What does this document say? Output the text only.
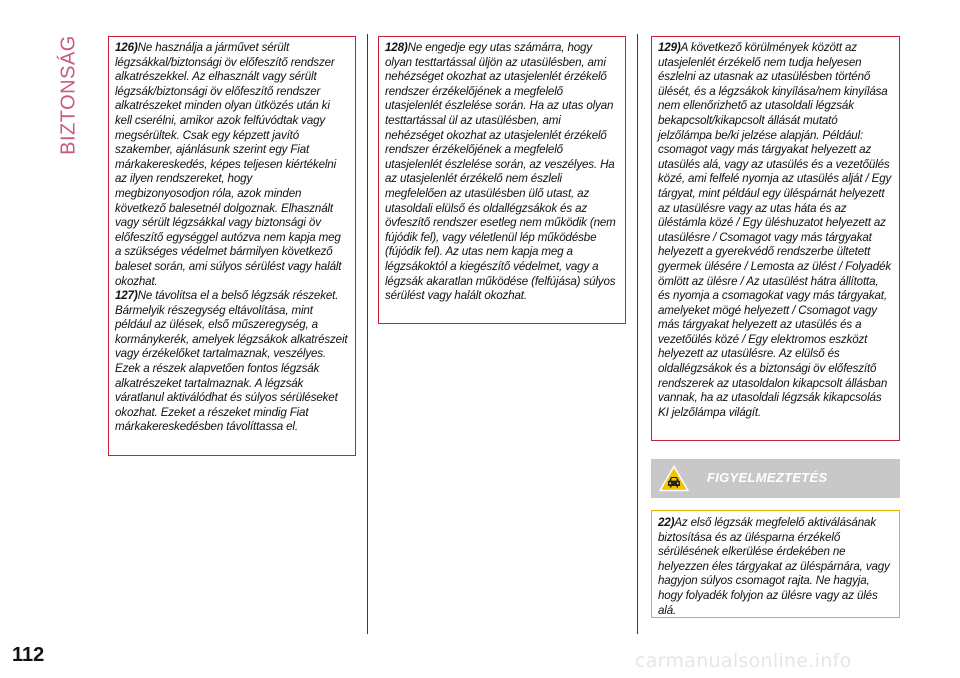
BIZTONSÁG	126)Ne használja a járművet sérült légzsákkal/biztonsági öv előfeszítő rendszer alkatrészekkel. Az elhasznált vagy sérült légzsák/biztonsági öv előfeszítő rendszer alkatrészeket minden olyan ütközés után ki kell cserélni, amikor azok felfúvódtak vagy megsérültek. Csak egy képzett javító szakember, ajánlásunk szerint egy Fiat márkakereskedés, képes teljesen kiértékelni az ilyen rendszereket, hogy megbizonyosodjon róla, azok minden következő balesetnél dolgoznak. Elhasznált vagy sérült légzsákkal vagy biztonsági öv előfeszítő egységgel autózva nem kapja meg a szükséges védelmet bármilyen következő baleset során, ami súlyos sérülést vagy halált okozhat.

127)Ne távolítsa el a belső légzsák részeket. Bármelyik részegység eltávolítása, mint például az ülések, első műszeregység, a kormánykerék, amelyek légzsákok alkatrészeit vagy érzékelőket tartalmaznak, veszélyes. Ezek a részek alapvetően fontos légzsák alkatrészeket tartalmaznak. A légzsák váratlanul aktiválódhat és súlyos sérüléseket okozhat. Ezeket a részeket mindig Fiat márkakereskedésben távolíttassa el.

128)Ne engedje egy utas számárra, hogy olyan testtartással üljön az utasülésben, ami nehézséget okozhat az utasjelenlét érzékelő rendszer érzékelőjének a megfelelő utasjelenlét észlelése során. Ha az utas olyan testtartással ül az utasülésben, ami nehézséget okozhat az utasjelenlét érzékelő rendszer érzékelőjének a megfelelő utasjelenlét észlelése során, az veszélyes. Ha az utasjelenlét érzékelő nem észleli megfelelően az utasülésben ülő utast, az utasoldali elülső és oldallégzsákok és az övfeszítő rendszer esetleg nem működik (nem fújódik fel), vagy véletlenül lép működésbe (fújódik fel). Az utas nem kapja meg a légzsákoktól a kiegészítő védelmet, vagy a légzsák akaratlan működése (felfújása) súlyos sérülést vagy halált okozhat.

129)A következő körülmények között az utasjelenlét érzékelő nem tudja helyesen észlelni az utasnak az utasülésben történő ülését, és a légzsákok kinyílása/nem kinyílása nem ellenőrizhető az utasoldali légzsák bekapcsolt/kikapcsolt állását mutató jelzőlámpa be/ki jelzése alapján. Például: csomagot vagy más tárgyakat helyezett az utasülés alá, vagy az utasülés és a vezetőülés közé, ami felfelé nyomja az utasülés alját / Egy tárgyat, mint például egy üléspárnát helyezett az utasülésre vagy az utas háta és az üléstámla közé / Egy üléshuzatot helyezett az utasülésre / Csomagot vagy más tárgyakat helyezett a gyerekvédő rendszerbe ültetett gyermek ülésére / Lemosta az ülést / Folyadék ömlött az ülésre / Az utasülést hátra állította, és nyomja a csomagokat vagy más tárgyakat, amelyeket mögé helyezett / Csomagot vagy más tárgyakat helyezett az utasülés és a vezetőülés közé / Egy elektromos eszközt helyezett az utasülésre. Az elülső és oldallégzsákok és a biztonsági öv előfeszítő rendszerek az utasoldalon kikapcsolt állásban vannak, ha az utasoldali légzsák kikapcsolás KI jelzőlámpa világít.

FIGYELMEZTETÉS

22)Az első légzsák megfelelő aktiválásának biztosítása és az ülésparna érzékelő sérülésének elkerülése érdekében ne helyezzen éles tárgyakat az üléspárnára, vagy hagyjon súlyos csomagot rajta. Ne hagyja, hogy folyadék folyjon az ülésre vagy az ülés alá.

112	carmanualsonline.info
